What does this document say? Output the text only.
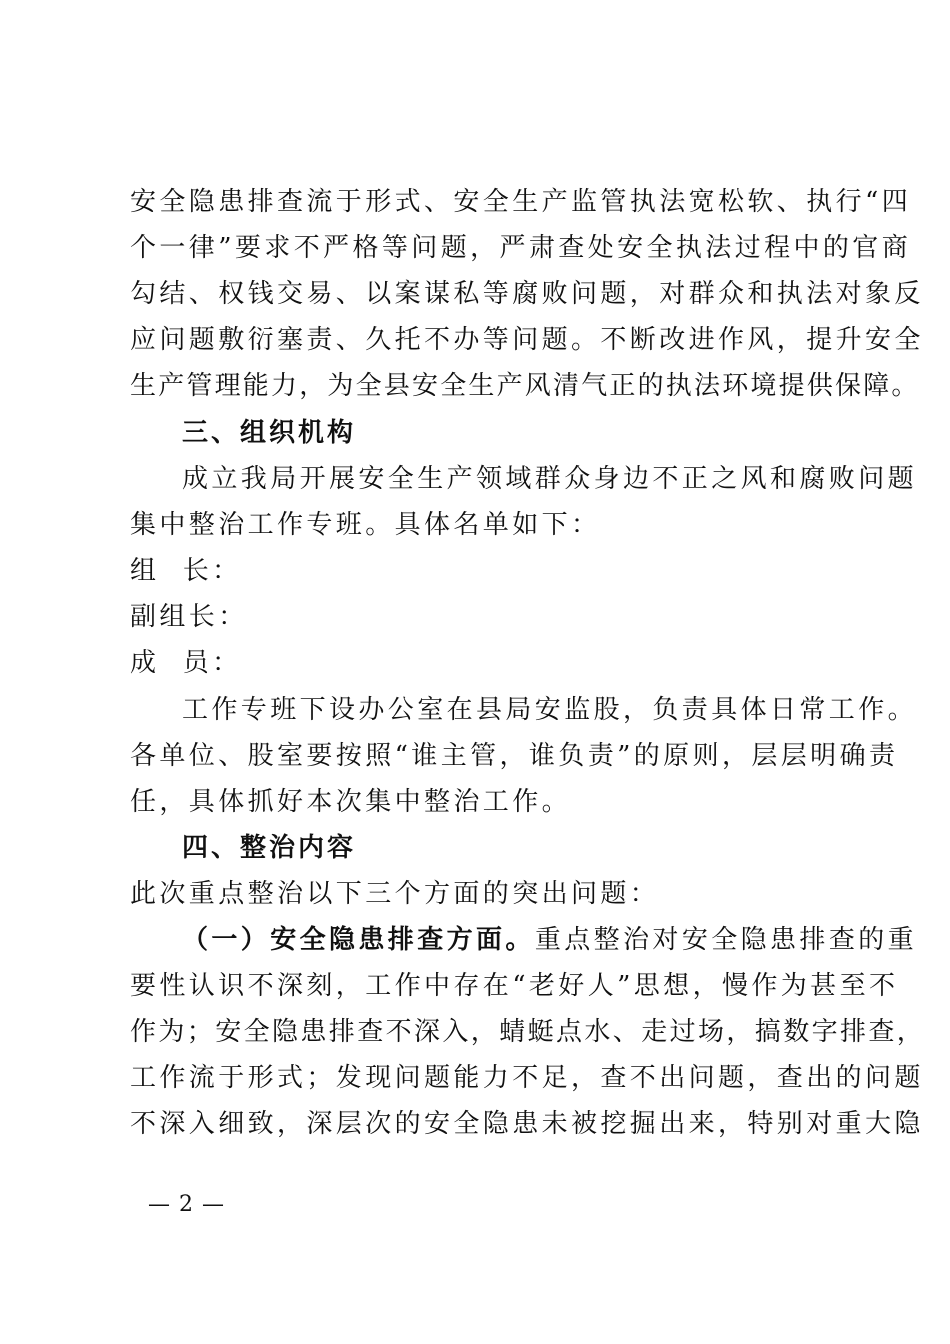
安全隐患排查流于形式、安全生产监管执法宽松软、执行“四
个一律”要求不严格等问题，严肃查处安全执法过程中的官商
勾结、权钱交易、以案谋私等腐败问题，对群众和执法对象反
应问题敷衍塞责、久托不办等问题。不断改进作风，提升安全
生产管理能力，为全县安全生产风清气正的执法环境提供保障。
三、组织机构
成立我局开展安全生产领域群众身边不正之风和腐败问题
集中整治工作专班。具体名单如下：
组  长：
副组长：
成  员：
工作专班下设办公室在县局安监股，负责具体日常工作。
各单位、股室要按照“谁主管，谁负责”的原则，层层明确责
任，具体抓好本次集中整治工作。
四、整治内容
此次重点整治以下三个方面的突出问题：
（一）安全隐患排查方面。重点整治对安全隐患排查的重
要性认识不深刻，工作中存在“老好人”思想，慢作为甚至不
作为；安全隐患排查不深入，蜻蜓点水、走过场，搞数字排查，
工作流于形式；发现问题能力不足，查不出问题，查出的问题
不深入细致，深层次的安全隐患未被挖掘出来，特别对重大隐
— 2 —
